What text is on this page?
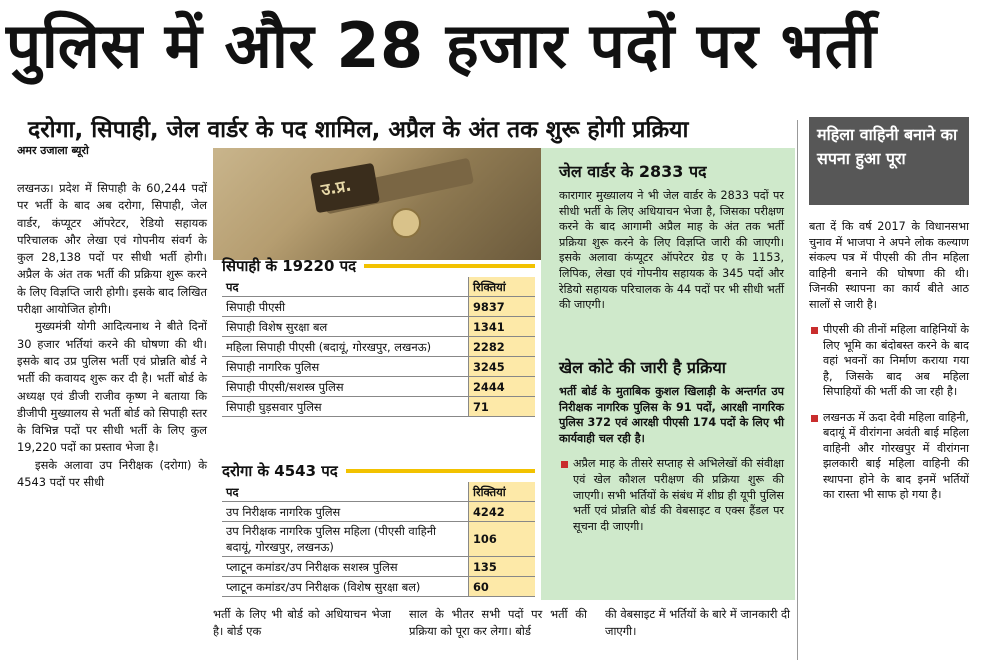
पुलिस में और 28 हजार पदों पर भर्ती
दरोगा, सिपाही, जेल वार्डर के पद शामिल, अप्रैल के अंत तक शुरू होगी प्रक्रिया
अमर उजाला ब्यूरो

लखनऊ। प्रदेश में सिपाही के 60,244 पदों पर भर्ती के बाद अब दरोगा, सिपाही, जेल वार्डर, कंप्यूटर ऑपरेटर, रेडियो सहायक परिचालक और लेखा एवं गोपनीय संवर्ग के कुल 28,138 पदों पर सीधी भर्ती होगी। अप्रैल के अंत तक भर्ती की प्रक्रिया शुरू करने के लिए विज्ञप्ति जारी होगी। इसके बाद लिखित परीक्षा आयोजित होगी।

मुख्यमंत्री योगी आदित्यनाथ ने बीते दिनों 30 हजार भर्तियां करने की घोषणा की थी। इसके बाद उप्र पुलिस भर्ती एवं प्रोन्नति बोर्ड ने भर्ती की कवायद शुरू कर दी है। भर्ती बोर्ड के अध्यक्ष एवं डीजी राजीव कृष्ण ने बताया कि डीजीपी मुख्यालय से भर्ती बोर्ड को सिपाही स्तर के विभिन्न पदों पर सीधी भर्ती के लिए कुल 19,220 पदों का प्रस्ताव भेजा है।

इसके अलावा उप निरीक्षक (दरोगा) के 4543 पदों पर सीधी

उ.प्र.
सिपाही के 19220 पद
पद	रिक्तियां
सिपाही पीएसी	9837
सिपाही विशेष सुरक्षा बल	1341
महिला सिपाही पीएसी (बदायूं, गोरखपुर, लखनऊ)	2282
सिपाही नागरिक पुलिस	3245
सिपाही पीएसी/सशस्त्र पुलिस	2444
सिपाही घुड़सवार पुलिस	71
दरोगा के 4543 पद
पद	रिक्तियां
उप निरीक्षक नागरिक पुलिस	4242
उप निरीक्षक नागरिक पुलिस महिला (पीएसी वाहिनी बदायूं, गोरखपुर, लखनऊ)	106
प्लाटून कमांडर/उप निरीक्षक सशस्त्र पुलिस	135
प्लाटून कमांडर/उप निरीक्षक (विशेष सुरक्षा बल)	60
जेल वार्डर के 2833 पद
कारागार मुख्यालय ने भी जेल वार्डर के 2833 पदों पर सीधी भर्ती के लिए अधियाचन भेजा है, जिसका परीक्षण करने के बाद आगामी अप्रैल माह के अंत तक भर्ती प्रक्रिया शुरू करने के लिए विज्ञप्ति जारी की जाएगी। इसके अलावा कंप्यूटर ऑपरेटर ग्रेड ए के 1153, लिपिक, लेखा एवं गोपनीय सहायक के 345 पदों और रेडियो सहायक परिचालक के 44 पदों पर भी सीधी भर्ती की जाएगी।
खेल कोटे की जारी है प्रक्रिया
भर्ती बोर्ड के मुताबिक कुशल खिलाड़ी के अन्तर्गत उप निरीक्षक नागरिक पुलिस के 91 पदों, आरक्षी नागरिक पुलिस 372 एवं आरक्षी पीएसी 174 पदों के लिए भी कार्यवाही चल रही है।
अप्रैल माह के तीसरे सप्ताह से अभिलेखों की संवीक्षा एवं खेल कौशल परीक्षण की प्रक्रिया शुरू की जाएगी। सभी भर्तियों के संबंध में शीघ्र ही यूपी पुलिस भर्ती एवं प्रोन्नति बोर्ड की वेबसाइट व एक्स हैंडल पर सूचना दी जाएगी।
महिला वाहिनी बनाने का सपना हुआ पूरा
बता दें कि वर्ष 2017 के विधानसभा चुनाव में भाजपा ने अपने लोक कल्याण संकल्प पत्र में पीएसी की तीन महिला वाहिनी बनाने की घोषणा की थी। जिनकी स्थापना का कार्य बीते आठ सालों से जारी है।
पीएसी की तीनों महिला वाहिनियों के लिए भूमि का बंदोबस्त करने के बाद वहां भवनों का निर्माण कराया गया है, जिसके बाद अब महिला सिपाहियों की भर्ती की जा रही है।
लखनऊ में ऊदा देवी महिला वाहिनी, बदायूं में वीरांगना अवंती बाई महिला वाहिनी और गोरखपुर में वीरांगना झलकारी बाई महिला वाहिनी की स्थापना होने के बाद इनमें भर्तियों का रास्ता भी साफ हो गया है।
भर्ती के लिए भी बोर्ड को अधियाचन भेजा है। बोर्ड एक
साल के भीतर सभी पदों पर भर्ती की प्रक्रिया को पूरा कर लेगा। बोर्ड
की वेबसाइट में भर्तियों के बारे में जानकारी दी जाएगी।
